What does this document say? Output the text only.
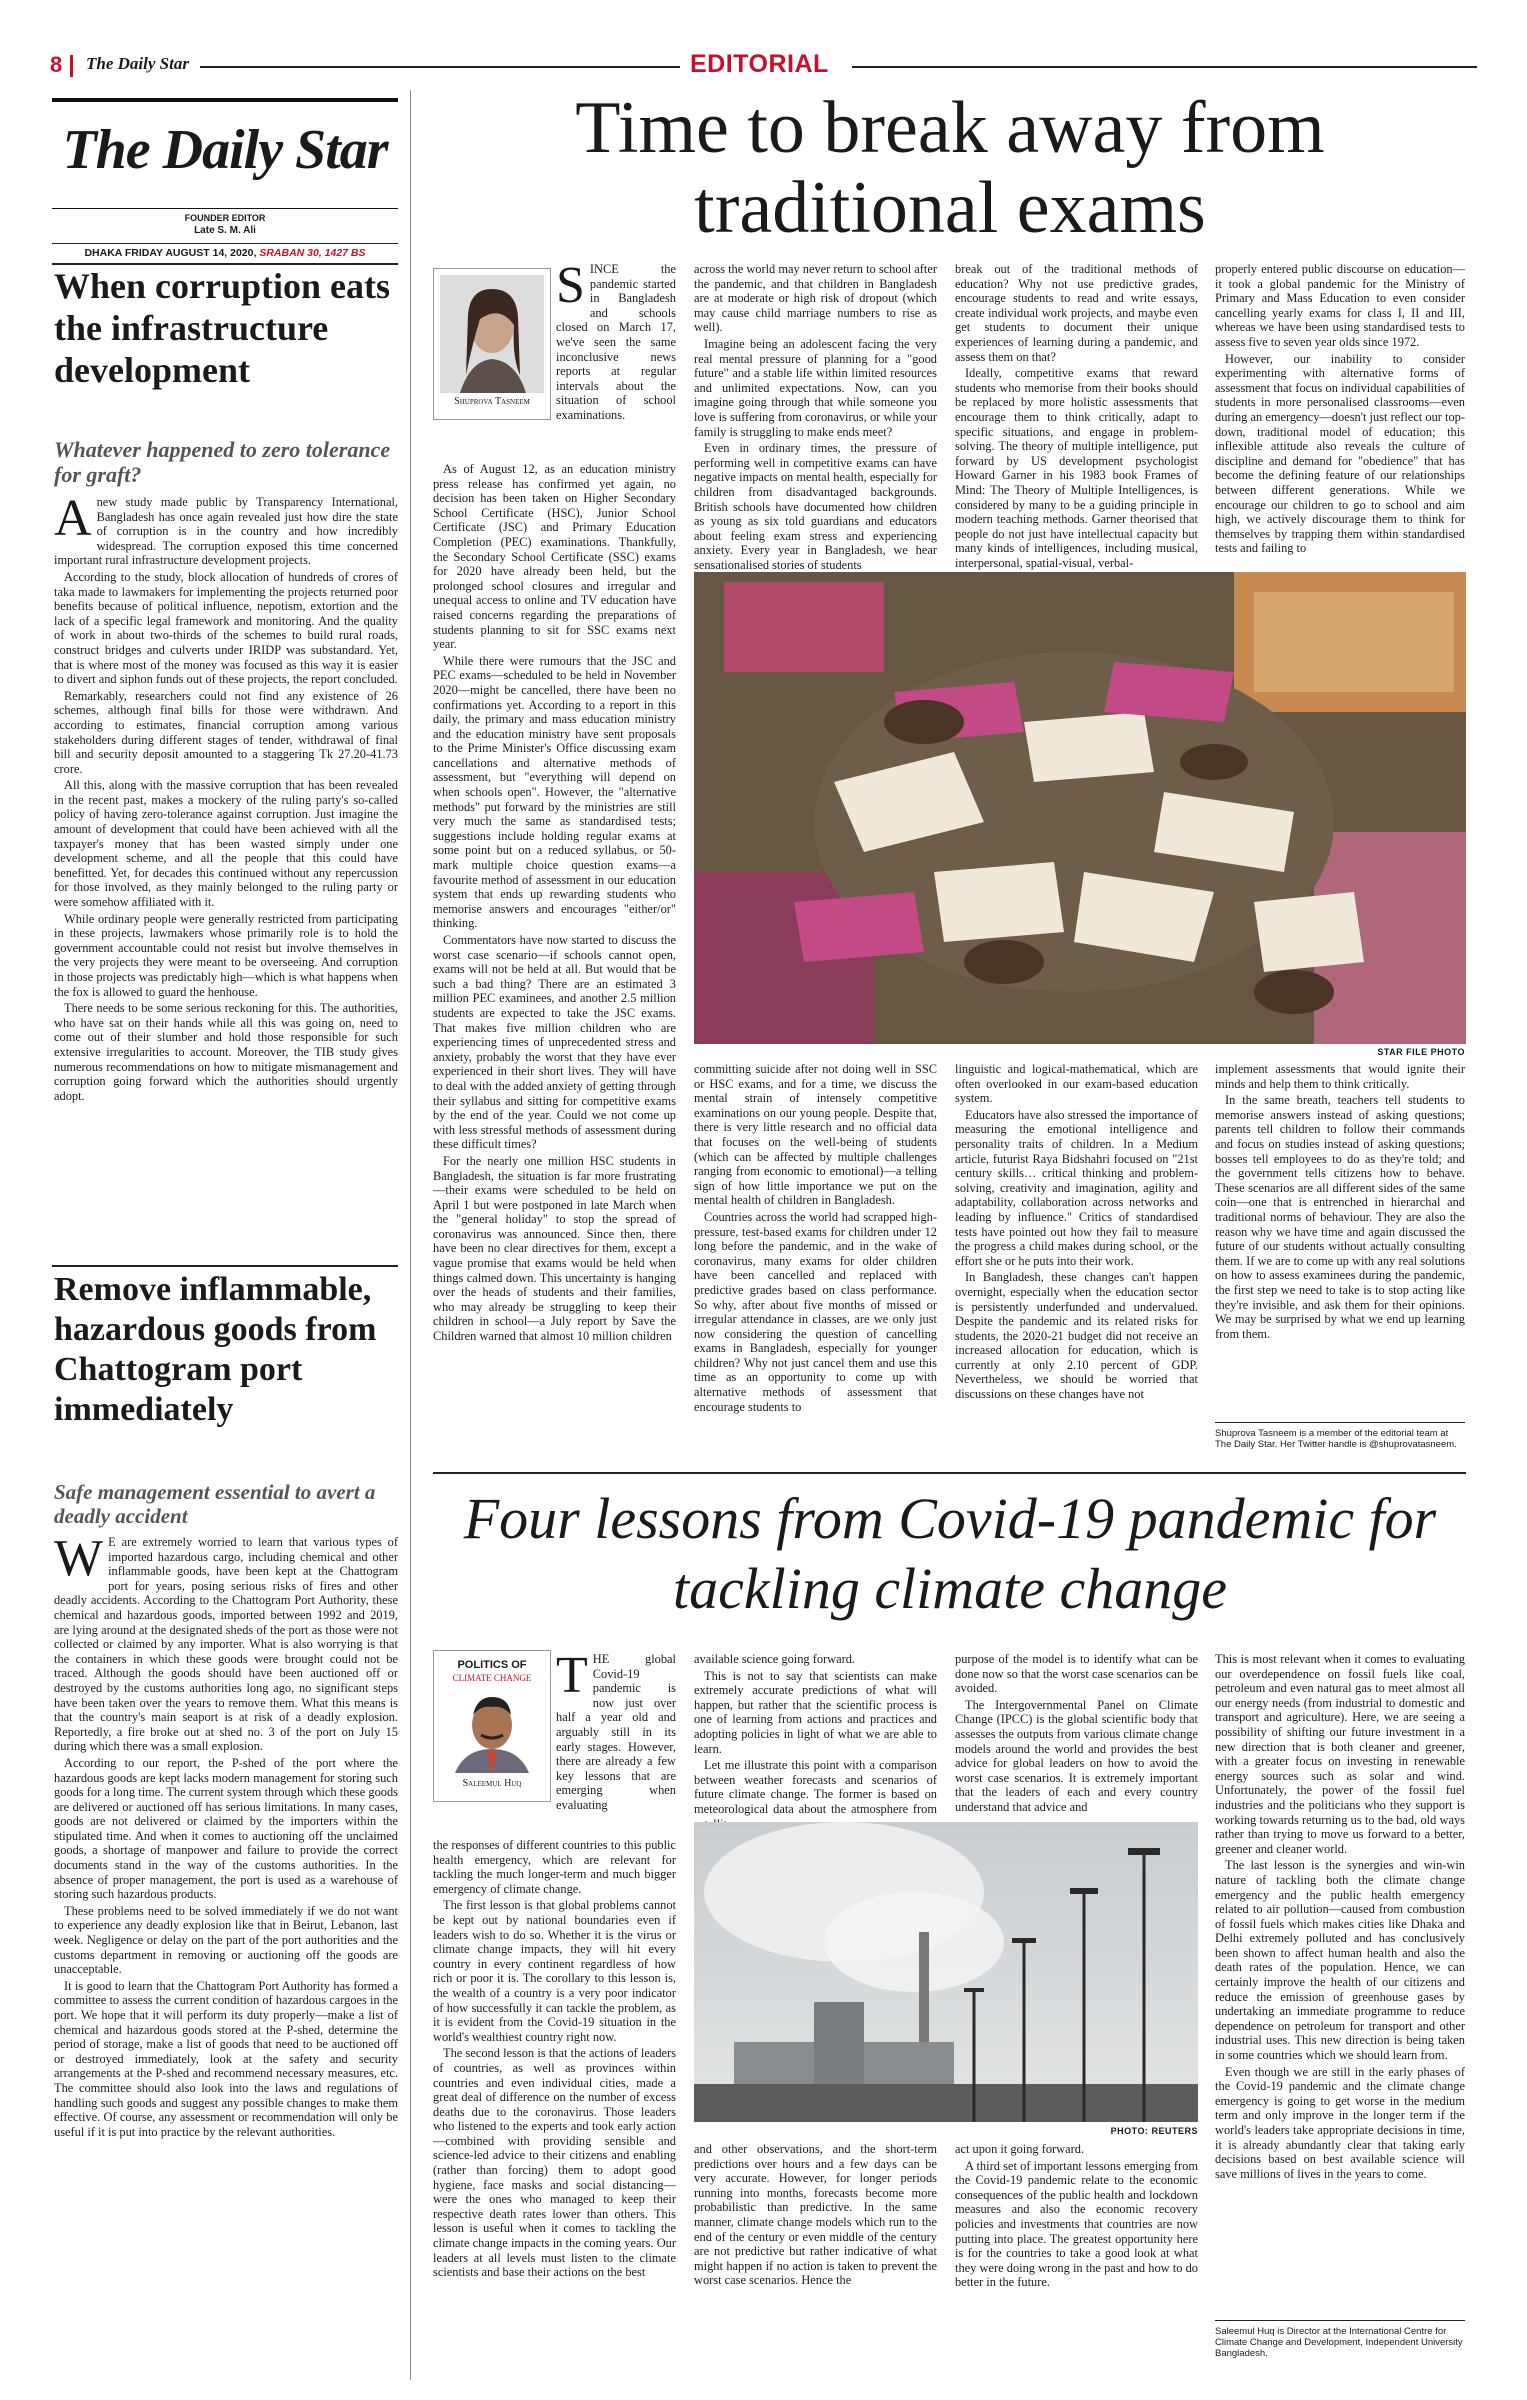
8 The Daily Star	EDITORIAL
The Daily Star
FOUNDER EDITOR
Late S. M. Ali
DHAKA FRIDAY AUGUST 14, 2020, SRABAN 30, 1427 BS
When corruption eats the infrastructure development
Whatever happened to zero tolerance for graft?

Anew study made public by Transparency International, Bangladesh has once again revealed just how dire the state of corruption is in the country and how incredibly widespread. The corruption exposed this time concerned important rural infrastructure development projects.

According to the study, block allocation of hundreds of crores of taka made to lawmakers for implementing the projects returned poor benefits because of political influence, nepotism, extortion and the lack of a specific legal framework and monitoring. And the quality of work in about two-thirds of the schemes to build rural roads, construct bridges and culverts under IRIDP was substandard. Yet, that is where most of the money was focused as this way it is easier to divert and siphon funds out of these projects, the report concluded.

Remarkably, researchers could not find any existence of 26 schemes, although final bills for those were withdrawn. And according to estimates, financial corruption among various stakeholders during different stages of tender, withdrawal of final bill and security deposit amounted to a staggering Tk 27.20-41.73 crore.

All this, along with the massive corruption that has been revealed in the recent past, makes a mockery of the ruling party's so-called policy of having zero-tolerance against corruption. Just imagine the amount of development that could have been achieved with all the taxpayer's money that has been wasted simply under one development scheme, and all the people that this could have benefitted. Yet, for decades this continued without any repercussion for those involved, as they mainly belonged to the ruling party or were somehow affiliated with it.

While ordinary people were generally restricted from participating in these projects, lawmakers whose primarily role is to hold the government accountable could not resist but involve themselves in the very projects they were meant to be overseeing. And corruption in those projects was predictably high—which is what happens when the fox is allowed to guard the henhouse.

There needs to be some serious reckoning for this. The authorities, who have sat on their hands while all this was going on, need to come out of their slumber and hold those responsible for such extensive irregularities to account. Moreover, the TIB study gives numerous recommendations on how to mitigate mismanagement and corruption going forward which the authorities should urgently adopt.

Remove inflammable, hazardous goods from Chattogram port immediately
Safe management essential to avert a deadly accident

W E are extremely worried to learn that various types of imported hazardous cargo, including chemical and other inflammable goods, have been kept at the Chattogram port for years, posing serious risks of fires and other deadly accidents. According to the Chattogram Port Authority, these chemical and hazardous goods, imported between 1992 and 2019, are lying around at the designated sheds of the port as those were not collected or claimed by any importer. What is also worrying is that the containers in which these goods were brought could not be traced. Although the goods should have been auctioned off or destroyed by the customs authorities long ago, no significant steps have been taken over the years to remove them. What this means is that the country's main seaport is at risk of a deadly explosion. Reportedly, a fire broke out at shed no. 3 of the port on July 15 during which there was a small explosion.

According to our report, the P-shed of the port where the hazardous goods are kept lacks modern management for storing such goods for a long time. The current system through which these goods are delivered or auctioned off has serious limitations. In many cases, goods are not delivered or claimed by the importers within the stipulated time. And when it comes to auctioning off the unclaimed goods, a shortage of manpower and failure to provide the correct documents stand in the way of the customs authorities. In the absence of proper management, the port is used as a warehouse of storing such hazardous products.

These problems need to be solved immediately if we do not want to experience any deadly explosion like that in Beirut, Lebanon, last week. Negligence or delay on the part of the port authorities and the customs department in removing or auctioning off the goods are unacceptable.

It is good to learn that the Chattogram Port Authority has formed a committee to assess the current condition of hazardous cargoes in the port. We hope that it will perform its duty properly—make a list of chemical and hazardous goods stored at the P-shed, determine the period of storage, make a list of goods that need to be auctioned off or destroyed immediately, look at the safety and security arrangements at the P-shed and recommend necessary measures, etc. The committee should also look into the laws and regulations of handling such goods and suggest any possible changes to make them effective. Of course, any assessment or recommendation will only be useful if it is put into practice by the relevant authorities.

Time to break away from traditional exams
Shuprova Tasneem

SINCE the pandemic started in Bangladesh and schools closed on March 17, we've seen the same inconclusive news reports at regular intervals about the situation of school examinations.

As of August 12, as an education ministry press release has confirmed yet again, no decision has been taken on Higher Secondary School Certificate (HSC), Junior School Certificate (JSC) and Primary Education Completion (PEC) examinations. Thankfully, the Secondary School Certificate (SSC) exams for 2020 have already been held, but the prolonged school closures and irregular and unequal access to online and TV education have raised concerns regarding the preparations of students planning to sit for SSC exams next year.

While there were rumours that the JSC and PEC exams—scheduled to be held in November 2020—might be cancelled, there have been no confirmations yet. According to a report in this daily, the primary and mass education ministry and the education ministry have sent proposals to the Prime Minister's Office discussing exam cancellations and alternative methods of assessment, but "everything will depend on when schools open". However, the "alternative methods" put forward by the ministries are still very much the same as standardised tests; suggestions include holding regular exams at some point but on a reduced syllabus, or 50-mark multiple choice question exams—a favourite method of assessment in our education system that ends up rewarding students who memorise answers and encourages "either/or" thinking.

Commentators have now started to discuss the worst case scenario—if schools cannot open, exams will not be held at all. But would that be such a bad thing? There are an estimated 3 million PEC examinees, and another 2.5 million students are expected to take the JSC exams. That makes five million children who are experiencing times of unprecedented stress and anxiety, probably the worst that they have ever experienced in their short lives. They will have to deal with the added anxiety of getting through their syllabus and sitting for competitive exams by the end of the year. Could we not come up with less stressful methods of assessment during these difficult times?

For the nearly one million HSC students in Bangladesh, the situation is far more frustrating—their exams were scheduled to be held on April 1 but were postponed in late March when the "general holiday" to stop the spread of coronavirus was announced. Since then, there have been no clear directives for them, except a vague promise that exams would be held when things calmed down. This uncertainty is hanging over the heads of students and their families, who may already be struggling to keep their children in school—a July report by Save the Children warned that almost 10 million children

across the world may never return to school after the pandemic, and that children in Bangladesh are at moderate or high risk of dropout (which may cause child marriage numbers to rise as well).

Imagine being an adolescent facing the very real mental pressure of planning for a "good future" and a stable life within limited resources and unlimited expectations. Now, can you imagine going through that while someone you love is suffering from coronavirus, or while your family is struggling to make ends meet?

Even in ordinary times, the pressure of performing well in competitive exams can have negative impacts on mental health, especially for children from disadvantaged backgrounds. British schools have documented how children as young as six told guardians and educators about feeling exam stress and experiencing anxiety. Every year in Bangladesh, we hear sensationalised stories of students

break out of the traditional methods of education? Why not use predictive grades, encourage students to read and write essays, create individual work projects, and maybe even get students to document their unique experiences of learning during a pandemic, and assess them on that?

Ideally, competitive exams that reward students who memorise from their books should be replaced by more holistic assessments that encourage them to think critically, adapt to specific situations, and engage in problem-solving. The theory of multiple intelligence, put forward by US development psychologist Howard Garner in his 1983 book Frames of Mind: The Theory of Multiple Intelligences, is considered by many to be a guiding principle in modern teaching methods. Garner theorised that people do not just have intellectual capacity but many kinds of intelligences, including musical, interpersonal, spatial-visual, verbal-

properly entered public discourse on education—it took a global pandemic for the Ministry of Primary and Mass Education to even consider cancelling yearly exams for class I, II and III, whereas we have been using standardised tests to assess five to seven year olds since 1972.

However, our inability to consider experimenting with alternative forms of assessment that focus on individual capabilities of students in more personalised classrooms—even during an emergency—doesn't just reflect our top-down, traditional model of education; this inflexible attitude also reveals the culture of discipline and demand for "obedience" that has become the defining feature of our relationships between different generations. While we encourage our children to go to school and aim high, we actively discourage them to think for themselves by trapping them within standardised tests and failing to

STAR FILE PHOTO

committing suicide after not doing well in SSC or HSC exams, and for a time, we discuss the mental strain of intensely competitive examinations on our young people. Despite that, there is very little research and no official data that focuses on the well-being of students (which can be affected by multiple challenges ranging from economic to emotional)—a telling sign of how little importance we put on the mental health of children in Bangladesh.

Countries across the world had scrapped high-pressure, test-based exams for children under 12 long before the pandemic, and in the wake of coronavirus, many exams for older children have been cancelled and replaced with predictive grades based on class performance. So why, after about five months of missed or irregular attendance in classes, are we only just now considering the question of cancelling exams in Bangladesh, especially for younger children? Why not just cancel them and use this time as an opportunity to come up with alternative methods of assessment that encourage students to

linguistic and logical-mathematical, which are often overlooked in our exam-based education system.

Educators have also stressed the importance of measuring the emotional intelligence and personality traits of children. In a Medium article, futurist Raya Bidshahri focused on "21st century skills… critical thinking and problem-solving, creativity and imagination, agility and adaptability, collaboration across networks and leading by influence." Critics of standardised tests have pointed out how they fail to measure the progress a child makes during school, or the effort she or he puts into their work.

In Bangladesh, these changes can't happen overnight, especially when the education sector is persistently underfunded and undervalued. Despite the pandemic and its related risks for students, the 2020-21 budget did not receive an increased allocation for education, which is currently at only 2.10 percent of GDP. Nevertheless, we should be worried that discussions on these changes have not

implement assessments that would ignite their minds and help them to think critically.

In the same breath, teachers tell students to memorise answers instead of asking questions; parents tell children to follow their commands and focus on studies instead of asking questions; bosses tell employees to do as they're told; and the government tells citizens how to behave. These scenarios are all different sides of the same coin—one that is entrenched in hierarchal and traditional norms of behaviour. They are also the reason why we have time and again discussed the future of our students without actually consulting them. If we are to come up with any real solutions on how to assess examinees during the pandemic, the first step we need to take is to stop acting like they're invisible, and ask them for their opinions. We may be surprised by what we end up learning from them.

Shuprova Tasneem is a member of the editorial team at The Daily Star. Her Twitter handle is @shuprovatasneem.
Four lessons from Covid-19 pandemic for tackling climate change
POLITICS OF
CLIMATE CHANGE
Saleemul Huq

THE global Covid-19 pandemic is now just over half a year old and arguably still in its early stages. However, there are already a few key lessons that are emerging when evaluating

the responses of different countries to this public health emergency, which are relevant for tackling the much longer-term and much bigger emergency of climate change.

The first lesson is that global problems cannot be kept out by national boundaries even if leaders wish to do so. Whether it is the virus or climate change impacts, they will hit every country in every continent regardless of how rich or poor it is. The corollary to this lesson is, the wealth of a country is a very poor indicator of how successfully it can tackle the problem, as it is evident from the Covid-19 situation in the world's wealthiest country right now.

The second lesson is that the actions of leaders of countries, as well as provinces within countries and even individual cities, made a great deal of difference on the number of excess deaths due to the coronavirus. Those leaders who listened to the experts and took early action—combined with providing sensible and science-led advice to their citizens and enabling (rather than forcing) them to adopt good hygiene, face masks and social distancing—were the ones who managed to keep their respective death rates lower than others. This lesson is useful when it comes to tackling the climate change impacts in the coming years. Our leaders at all levels must listen to the climate scientists and base their actions on the best

available science going forward.

This is not to say that scientists can make extremely accurate predictions of what will happen, but rather that the scientific process is one of learning from actions and practices and adopting policies in light of what we are able to learn.

Let me illustrate this point with a comparison between weather forecasts and scenarios of future climate change. The former is based on meteorological data about the atmosphere from

purpose of the model is to identify what can be done now so that the worst case scenarios can be avoided.

The Intergovernmental Panel on Climate Change (IPCC) is the global scientific body that assesses the outputs from various climate change models around the world and provides the best advice for global leaders on how to avoid the worst case scenarios. It is extremely important that the leaders of each and every country understand that advice and

PHOTO: REUTERS

and other observations, and the short-term predictions over hours and a few days can be very accurate. However, for longer periods running into months, forecasts become more probabilistic than predictive. In the same manner, climate change models which run to the end of the century or even middle of the century are not predictive but rather indicative of what might happen if no action is taken to prevent the worst case scenarios. Hence the

act upon it going forward.

A third set of important lessons emerging from the Covid-19 pandemic relate to the economic consequences of the public health and lockdown measures and also the economic recovery policies and investments that countries are now putting into place. The greatest opportunity here is for the countries to take a good look at what they were doing wrong in the past and how to do better in the future.

This is most relevant when it comes to evaluating our overdependence on fossil fuels like coal, petroleum and even natural gas to meet almost all our energy needs (from industrial to domestic and transport and agriculture). Here, we are seeing a possibility of shifting our future investment in a new direction that is both cleaner and greener, with a greater focus on investing in renewable energy sources such as solar and wind. Unfortunately, the power of the fossil fuel industries and the politicians who they support is working towards returning us to the bad, old ways rather than trying to move us forward to a better, greener and cleaner world.

The last lesson is the synergies and win-win nature of tackling both the climate change emergency and the public health emergency related to air pollution—caused from combustion of fossil fuels which makes cities like Dhaka and Delhi extremely polluted and has conclusively been shown to affect human health and also the death rates of the population. Hence, we can certainly improve the health of our citizens and reduce the emission of greenhouse gases by undertaking an immediate programme to reduce dependence on petroleum for transport and other industrial uses. This new direction is being taken in some countries which we should learn from.

Even though we are still in the early phases of the Covid-19 pandemic and the climate change emergency is going to get worse in the medium term and only improve in the longer term if the world's leaders take appropriate decisions in time, it is already abundantly clear that taking early decisions based on best available science will save millions of lives in the years to come.

Saleemul Huq is Director at the International Centre for Climate Change and Development, Independent University Bangladesh.
